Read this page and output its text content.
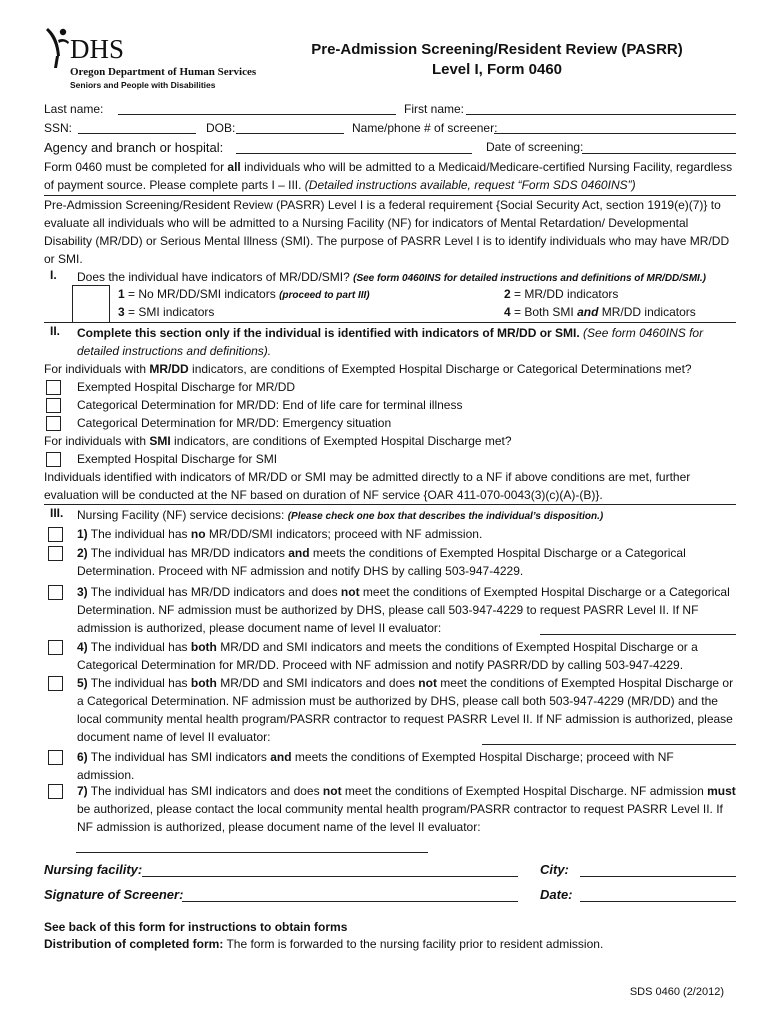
DHS
Oregon Department of Human Services
Seniors and People with Disabilities
Pre-Admission Screening/Resident Review (PASRR)
Level I, Form 0460
Last name:	First name:
SSN:	DOB:	Name/phone # of screener:
Agency and branch or hospital:	Date of screening:
Form 0460 must be completed for all individuals who will be admitted to a Medicaid/Medicare-certified Nursing Facility, regardless of payment source. Please complete parts I – III. (Detailed instructions available, request “Form SDS 0460INS”)
Pre-Admission Screening/Resident Review (PASRR) Level I is a federal requirement {Social Security Act, section 1919(e)(7)} to evaluate all individuals who will be admitted to a Nursing Facility (NF) for indicators of Mental Retardation/ Developmental Disability (MR/DD) or Serious Mental Illness (SMI). The purpose of PASRR Level I is to identify individuals who may have MR/DD or SMI.
I. Does the individual have indicators of MR/DD/SMI? (See form 0460INS for detailed instructions and definitions of MR/DD/SMI.)
1 = No MR/DD/SMI indicators (proceed to part III)	2 = MR/DD indicators
3 = SMI indicators	4 = Both SMI and MR/DD indicators
II. Complete this section only if the individual is identified with indicators of MR/DD or SMI. (See form 0460INS for detailed instructions and definitions).
For individuals with MR/DD indicators, are conditions of Exempted Hospital Discharge or Categorical Determinations met?
Exempted Hospital Discharge for MR/DD
Categorical Determination for MR/DD: End of life care for terminal illness
Categorical Determination for MR/DD: Emergency situation
For individuals with SMI indicators, are conditions of Exempted Hospital Discharge met?
Exempted Hospital Discharge for SMI
Individuals identified with indicators of MR/DD or SMI may be admitted directly to a NF if above conditions are met, further evaluation will be conducted at the NF based on duration of NF service {OAR 411-070-0043(3)(c)(A)-(B)}.
III. Nursing Facility (NF) service decisions: (Please check one box that describes the individual’s disposition.)
1) The individual has no MR/DD/SMI indicators; proceed with NF admission.
2) The individual has MR/DD indicators and meets the conditions of Exempted Hospital Discharge or a Categorical Determination. Proceed with NF admission and notify DHS by calling 503-947-4229.
3) The individual has MR/DD indicators and does not meet the conditions of Exempted Hospital Discharge or a Categorical Determination. NF admission must be authorized by DHS, please call 503-947-4229 to request PASRR Level II. If NF admission is authorized, please document name of level II evaluator:
4) The individual has both MR/DD and SMI indicators and meets the conditions of Exempted Hospital Discharge or a Categorical Determination for MR/DD. Proceed with NF admission and notify PASRR/DD by calling 503-947-4229.
5) The individual has both MR/DD and SMI indicators and does not meet the conditions of Exempted Hospital Discharge or a Categorical Determination. NF admission must be authorized by DHS, please call both 503-947-4229 (MR/DD) and the local community mental health program/PASRR contractor to request PASRR Level II. If NF admission is authorized, please document name of level II evaluator:
6) The individual has SMI indicators and meets the conditions of Exempted Hospital Discharge; proceed with NF admission.
7) The individual has SMI indicators and does not meet the conditions of Exempted Hospital Discharge. NF admission must be authorized, please contact the local community mental health program/PASRR contractor to request PASRR Level II. If NF admission is authorized, please document name of the level II evaluator:
Nursing facility:	City:
Signature of Screener:	Date:
See back of this form for instructions to obtain forms
Distribution of completed form: The form is forwarded to the nursing facility prior to resident admission.
SDS 0460 (2/2012)
